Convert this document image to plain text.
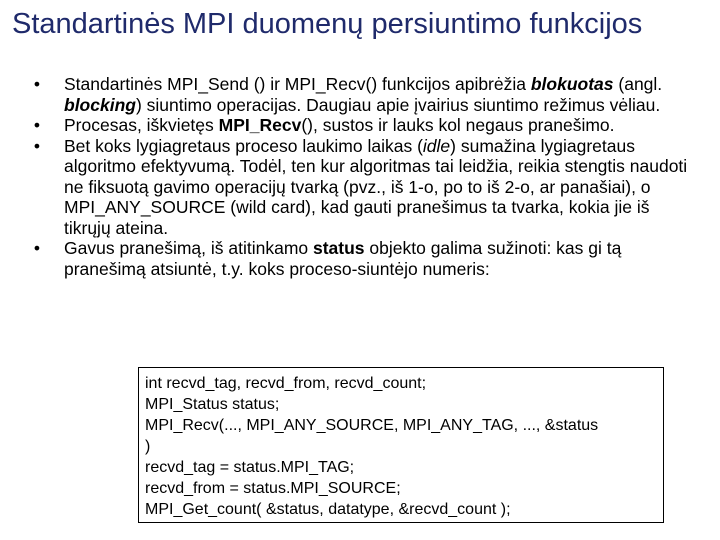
Standartinės MPI duomenų persiuntimo funkcijos
• Standartinės MPI_Send () ir MPI_Recv() funkcijos apibrėžia blokuotas (angl. blocking) siuntimo operacijas. Daugiau apie įvairius siuntimo režimus vėliau.
• Procesas, iškvietęs MPI_Recv(), sustos ir lauks kol negaus pranešimo.
• Bet koks lygiagretaus proceso laukimo laikas (idle) sumažina lygiagretaus algoritmo efektyvumą. Todėl, ten kur algoritmas tai leidžia, reikia stengtis naudoti ne fiksuotą gavimo operacijų tvarką (pvz., iš 1-o, po to iš 2-o, ar panašiai), o MPI_ANY_SOURCE (wild card), kad gauti pranešimus ta tvarka, kokia jie iš tikrųjų ateina.
• Gavus pranešimą, iš atitinkamo status objekto galima sužinoti: kas gi tą pranešimą atsiuntė, t.y. koks proceso-siuntėjo numeris:
int recvd_tag, recvd_from, recvd_count;
MPI_Status status;
MPI_Recv(..., MPI_ANY_SOURCE, MPI_ANY_TAG, ..., &status
)
recvd_tag = status.MPI_TAG;
recvd_from = status.MPI_SOURCE;
MPI_Get_count( &status, datatype, &recvd_count );
